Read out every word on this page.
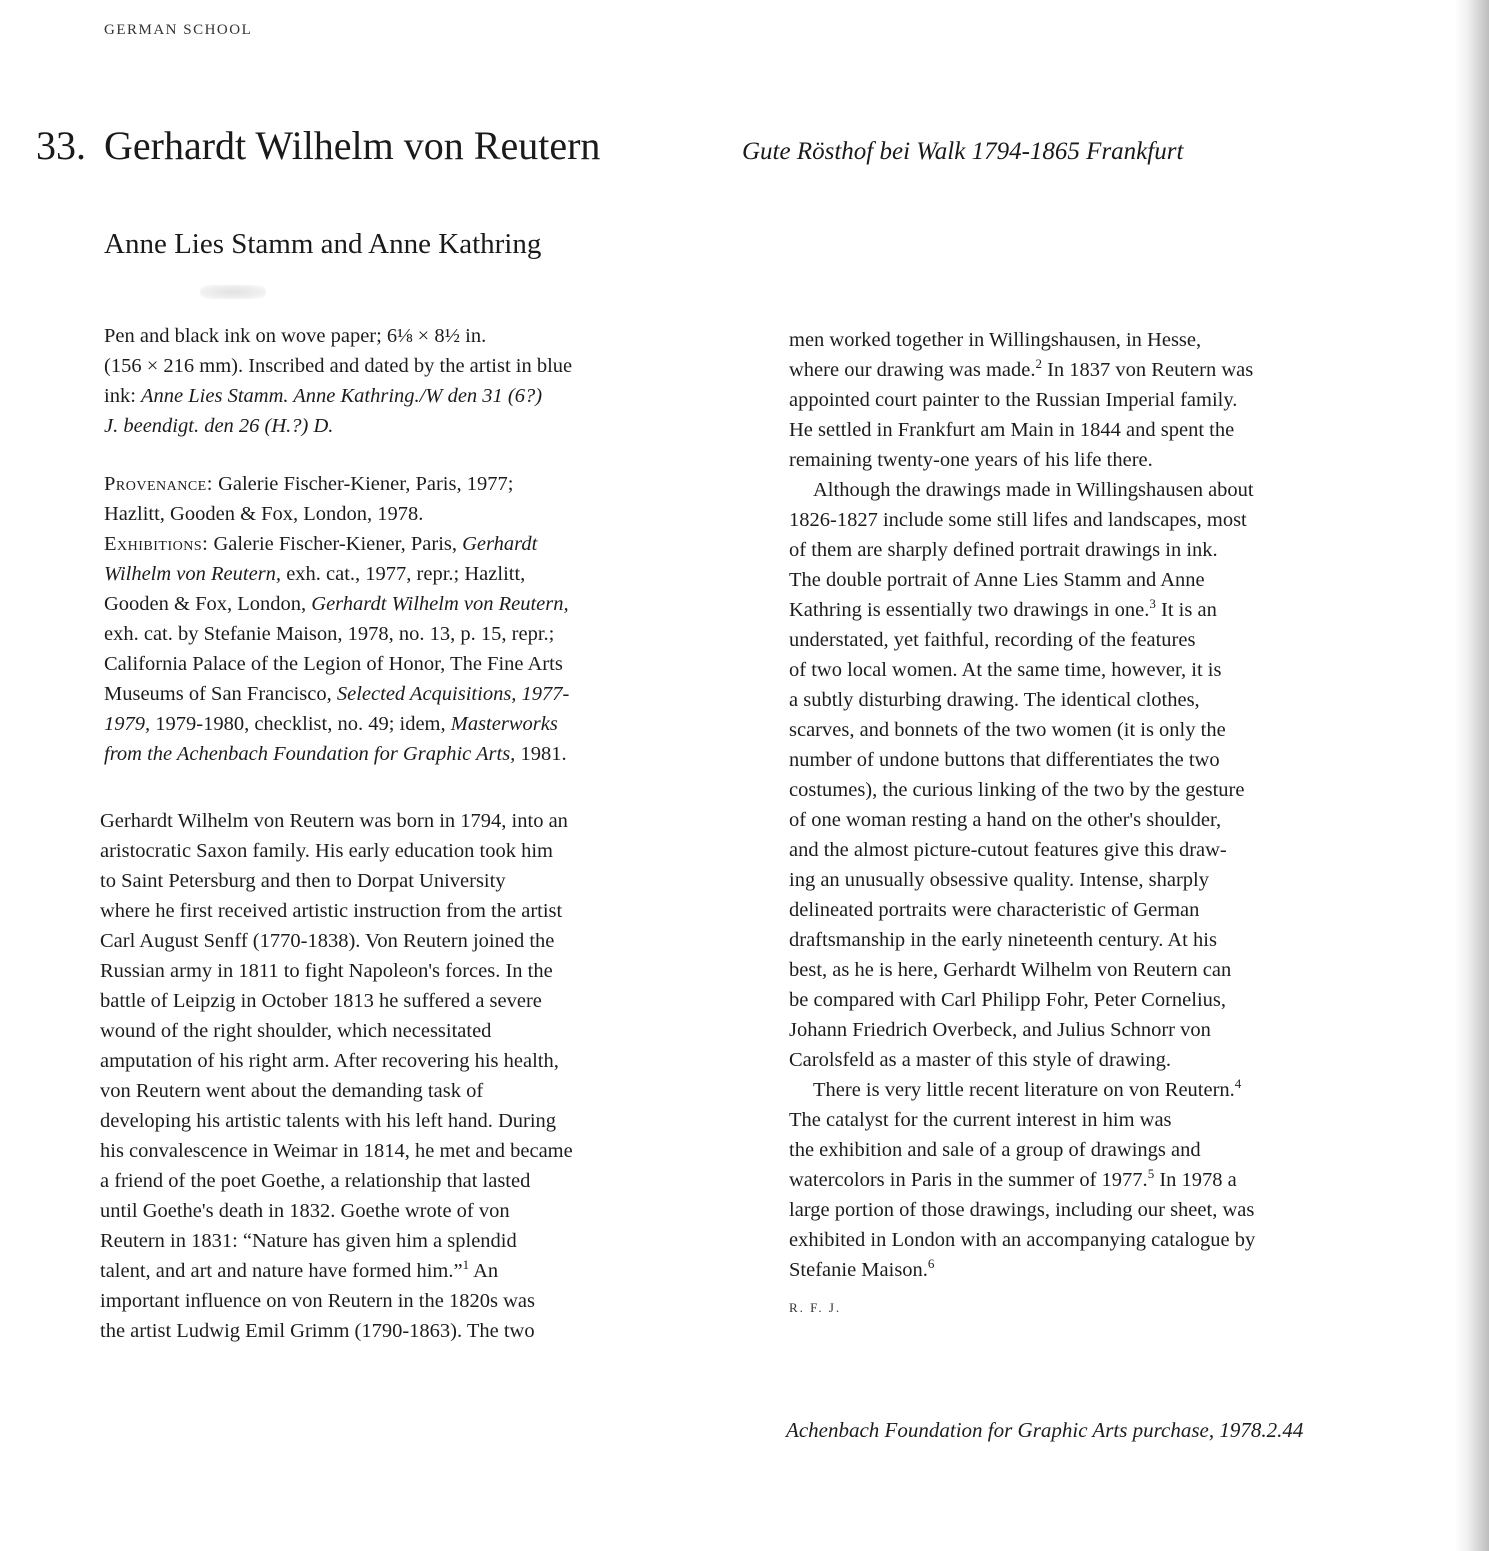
GERMAN SCHOOL
33. Gerhardt Wilhelm von Reutern	Gute Rösthof bei Walk 1794-1865 Frankfurt
Anne Lies Stamm and Anne Kathring
Pen and black ink on wove paper; 6⅛ × 8½ in.
(156 × 216 mm). Inscribed and dated by the artist in blue
ink: Anne Lies Stamm. Anne Kathring./W den 31 (6?)
J. beendigt. den 26 (H.?) D.
Provenance: Galerie Fischer-Kiener, Paris, 1977;
Hazlitt, Gooden & Fox, London, 1978.
Exhibitions: Galerie Fischer-Kiener, Paris, Gerhardt
Wilhelm von Reutern, exh. cat., 1977, repr.; Hazlitt,
Gooden & Fox, London, Gerhardt Wilhelm von Reutern,
exh. cat. by Stefanie Maison, 1978, no. 13, p. 15, repr.;
California Palace of the Legion of Honor, The Fine Arts
Museums of San Francisco, Selected Acquisitions, 1977-
1979, 1979-1980, checklist, no. 49; idem, Masterworks
from the Achenbach Foundation for Graphic Arts, 1981.
Gerhardt Wilhelm von Reutern was born in 1794, into an
aristocratic Saxon family. His early education took him
to Saint Petersburg and then to Dorpat University
where he first received artistic instruction from the artist
Carl August Senff (1770-1838). Von Reutern joined the
Russian army in 1811 to fight Napoleon's forces. In the
battle of Leipzig in October 1813 he suffered a severe
wound of the right shoulder, which necessitated
amputation of his right arm. After recovering his health,
von Reutern went about the demanding task of
developing his artistic talents with his left hand. During
his convalescence in Weimar in 1814, he met and became
a friend of the poet Goethe, a relationship that lasted
until Goethe's death in 1832. Goethe wrote of von
Reutern in 1831: “Nature has given him a splendid
talent, and art and nature have formed him.”$^1$ An
important influence on von Reutern in the 1820s was
the artist Ludwig Emil Grimm (1790-1863). The two
men worked together in Willingshausen, in Hesse,
where our drawing was made.$^2$ In 1837 von Reutern was
appointed court painter to the Russian Imperial family.
He settled in Frankfurt am Main in 1844 and spent the
remaining twenty-one years of his life there.
Although the drawings made in Willingshausen about
1826-1827 include some still lifes and landscapes, most
of them are sharply defined portrait drawings in ink.
The double portrait of Anne Lies Stamm and Anne
Kathring is essentially two drawings in one.$^3$ It is an
understated, yet faithful, recording of the features
of two local women. At the same time, however, it is
a subtly disturbing drawing. The identical clothes,
scarves, and bonnets of the two women (it is only the
number of undone buttons that differentiates the two
costumes), the curious linking of the two by the gesture
of one woman resting a hand on the other's shoulder,
and the almost picture-cutout features give this draw-
ing an unusually obsessive quality. Intense, sharply
delineated portraits were characteristic of German
draftsmanship in the early nineteenth century. At his
best, as he is here, Gerhardt Wilhelm von Reutern can
be compared with Carl Philipp Fohr, Peter Cornelius,
Johann Friedrich Overbeck, and Julius Schnorr von
Carolsfeld as a master of this style of drawing.
There is very little recent literature on von Reutern.$^4$
The catalyst for the current interest in him was
the exhibition and sale of a group of drawings and
watercolors in Paris in the summer of 1977.$^5$ In 1978 a
large portion of those drawings, including our sheet, was
exhibited in London with an accompanying catalogue by
Stefanie Maison.$^6$
R. F. J.
Achenbach Foundation for Graphic Arts purchase, 1978.2.44
